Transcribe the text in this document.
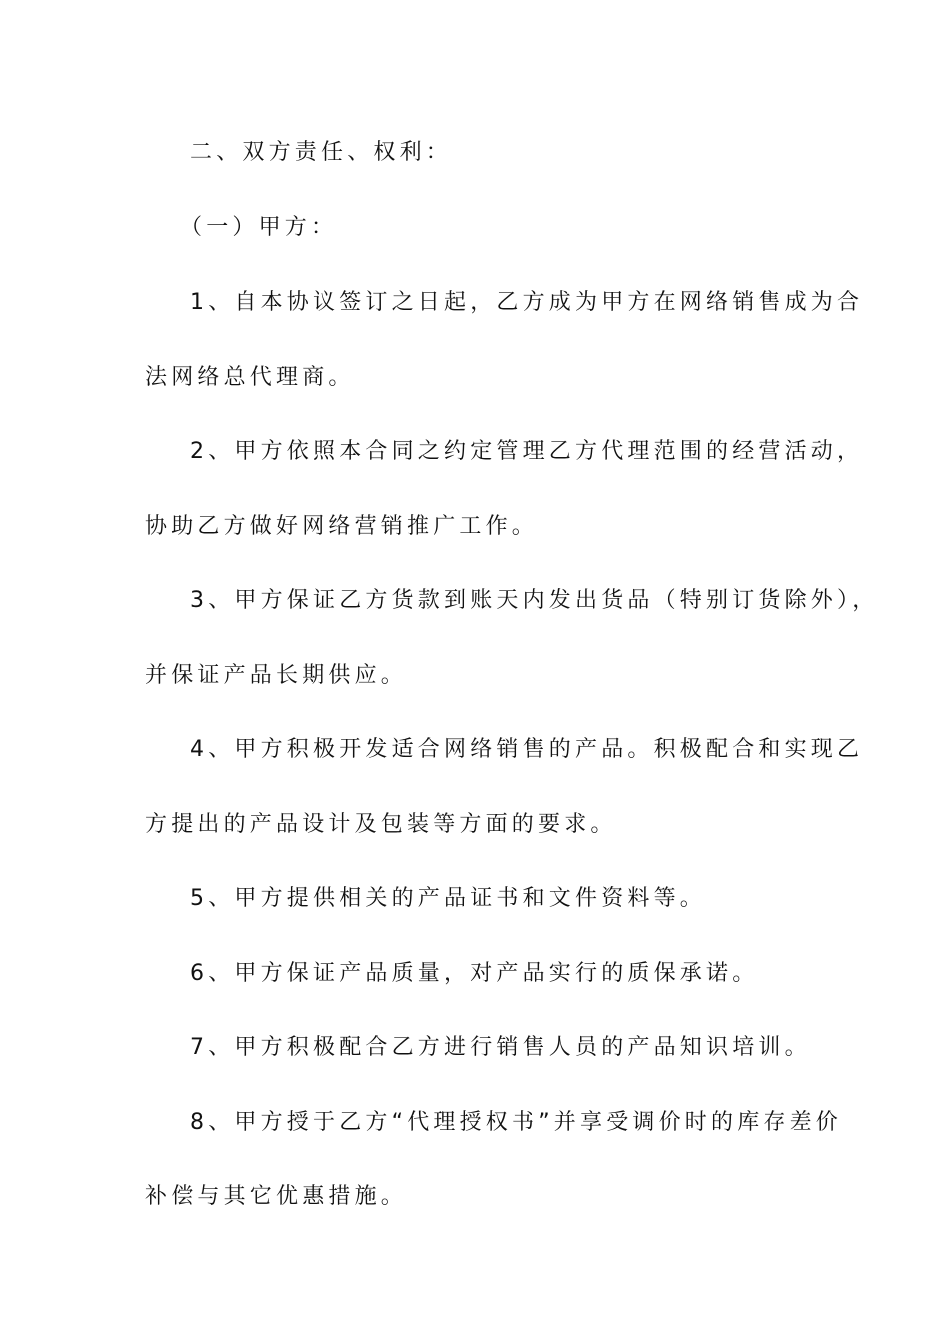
二、双方责任、权利：
（一）甲方：
1、自本协议签订之日起，乙方成为甲方在网络销售成为合
法网络总代理商。
2、甲方依照本合同之约定管理乙方代理范围的经营活动，
协助乙方做好网络营销推广工作。
3、甲方保证乙方货款到账天内发出货品（特别订货除外），
并保证产品长期供应。
4、甲方积极开发适合网络销售的产品。积极配合和实现乙
方提出的产品设计及包装等方面的要求。
5、甲方提供相关的产品证书和文件资料等。
6、甲方保证产品质量，对产品实行的质保承诺。
7、甲方积极配合乙方进行销售人员的产品知识培训。
8、甲方授于乙方“代理授权书”并享受调价时的库存差价
补偿与其它优惠措施。
